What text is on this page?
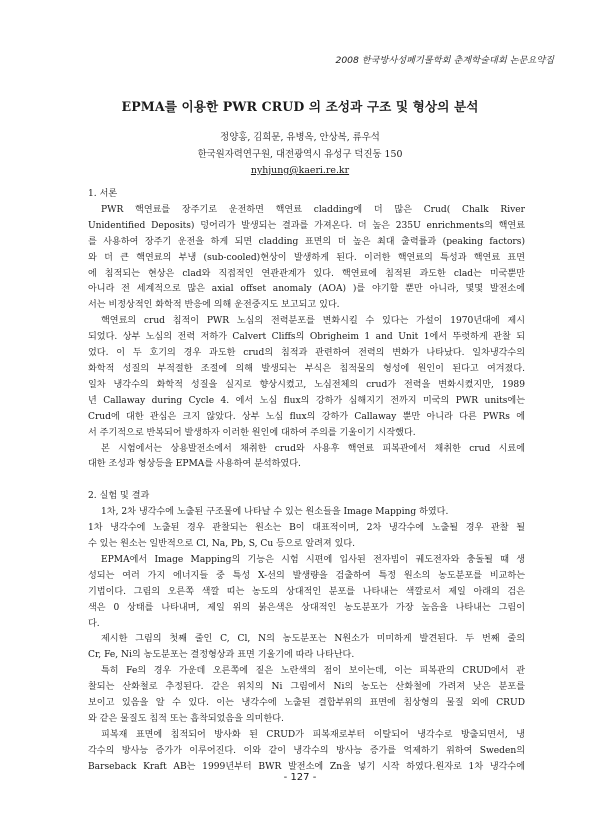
2008 한국방사성폐기물학회 춘계학술대회 논문요약집
EPMA를 이용한 PWR CRUD 의 조성과 구조 및 형상의 분석
정양홍, 김희문, 유병옥, 안상복, 류우석
한국원자력연구원, 대전광역시 유성구 덕진동 150
nyhjung@kaeri.re.kr

1. 서론

PWR 핵연료를 장주기로 운전하면 핵연료 cladding에 더 많은 Crud( Chalk River
Unidentified Deposits) 덩어리가 발생되는 결과를 가져온다. 더 높은 235U enrichments의 핵연료
를 사용하여 장주기 운전을 하게 되면 cladding 표면의 더 높은 최대 출력률과 (peaking factors)
와 더 큰 핵연료의 부냉 (sub-cooled)현상이 발생하게 된다. 이러한 핵연료의 특성과 핵연료 표면
에 침적되는 현상은 clad와 직접적인 연관관계가 있다. 핵연료에 침적된 과도한 clad는 미국뿐만
아니라 전 세계적으로 많은 axial offset anomaly (AOA) )를 야기할 뿐만 아니라, 몇몇 발전소에
서는 비정상적인 화학적 반응에 의해 운전중지도 보고되고 있다.

핵연료의 crud 침적이 PWR 노심의 전력분포를 변화시킬 수 있다는 가설이 1970년대에 제시
되었다. 상부 노심의 전력 저하가 Calvert Cliffs의 Obrigheim 1 and Unit 1에서 뚜렷하게 관찰 되
었다. 이 두 호기의 경우 과도한 crud의 침적과 관련하여 전력의 변화가 나타났다. 일차냉각수의
화학적 성질의 부적절한 조절에 의해 발생되는 부식은 침적물의 형성에 원인이 된다고 여겨졌다.
일차 냉각수의 화학적 성질을 실지로 향상시켰고, 노심전체의 crud가 전력을 변화시켰지만, 1989
년 Callaway during Cycle 4. 에서 노심 flux의 강하가 심해지기 전까지 미국의 PWR units에는
Crud에 대한 관심은 크지 않았다. 상부 노심 flux의 강하가 Callaway 뿐만 아니라 다른 PWRs 에
서 주기적으로 반복되어 발생하자 이러한 원인에 대하여 주의를 기울이기 시작했다.

본 시험에서는 상용발전소에서 채취한 crud와 사용후 핵연료 피복관에서 채취한 crud 시료에
대한 조성과 형상등을 EPMA를 사용하여 분석하였다.

2. 실험 및 결과

1차, 2차 냉각수에 노출된 구조물에 나타날 수 있는 원소들을 Image Mapping 하였다.
1차 냉각수에 노출된 경우 관찰되는 원소는 B이 대표적이며, 2차 냉각수에 노출될 경우 관찰 될
수 있는 원소는 일반적으로 Cl, Na, Pb, S, Cu 등으로 알려져 있다.

EPMA에서 Image Mapping의 기능은 시험 시편에 입사된 전자빔이 궤도전자와 충돌될 때 생
성되는 여러 가지 에너지들 중 특성 X-선의 발생량을 검출하여 특정 원소의 농도분포를 비교하는
기법이다. 그림의 오른쪽 색깔 띠는 농도의 상대적인 분포를 나타내는 색깔로서 제일 아래의 검은
색은 0 상태를 나타내며, 제일 위의 붉은색은 상대적인 농도분포가 가장 높음을 나타내는 그림이
다.

제시한 그림의 첫째 줄인 C, Cl, N의 농도분포는 N원소가 미미하게 발견된다. 두 번째 줄의
Cr, Fe, Ni의 농도분포는 결정형상과 표면 기울기에 따라 나타난다.

특히 Fe의 경우 가운데 오른쪽에 짙은 노란색의 점이 보이는데, 이는 피복관의 CRUD에서 관
찰되는 산화철로 추정된다. 같은 위치의 Ni 그림에서 Ni의 농도는 산화철에 가려져 낮은 분포를
보이고 있음을 알 수 있다. 이는 냉각수에 노출된 결합부위의 표면에 침상형의 물질 외에 CRUD
와 같은 물질도 침적 또는 흡착되었음을 의미한다.

피복재 표면에 침적되어 방사화 된 CRUD가 피복재로부터 이탈되어 냉각수로 방출되면서, 냉
각수의 방사능 증가가 이루어진다. 이와 같이 냉각수의 방사능 증가를 억제하기 위하여 Sweden의
Barseback Kraft AB는 1999년부터 BWR 발전소에 Zn을 넣기 시작 하였다.원자로 1차 냉각수에

- 127 -
